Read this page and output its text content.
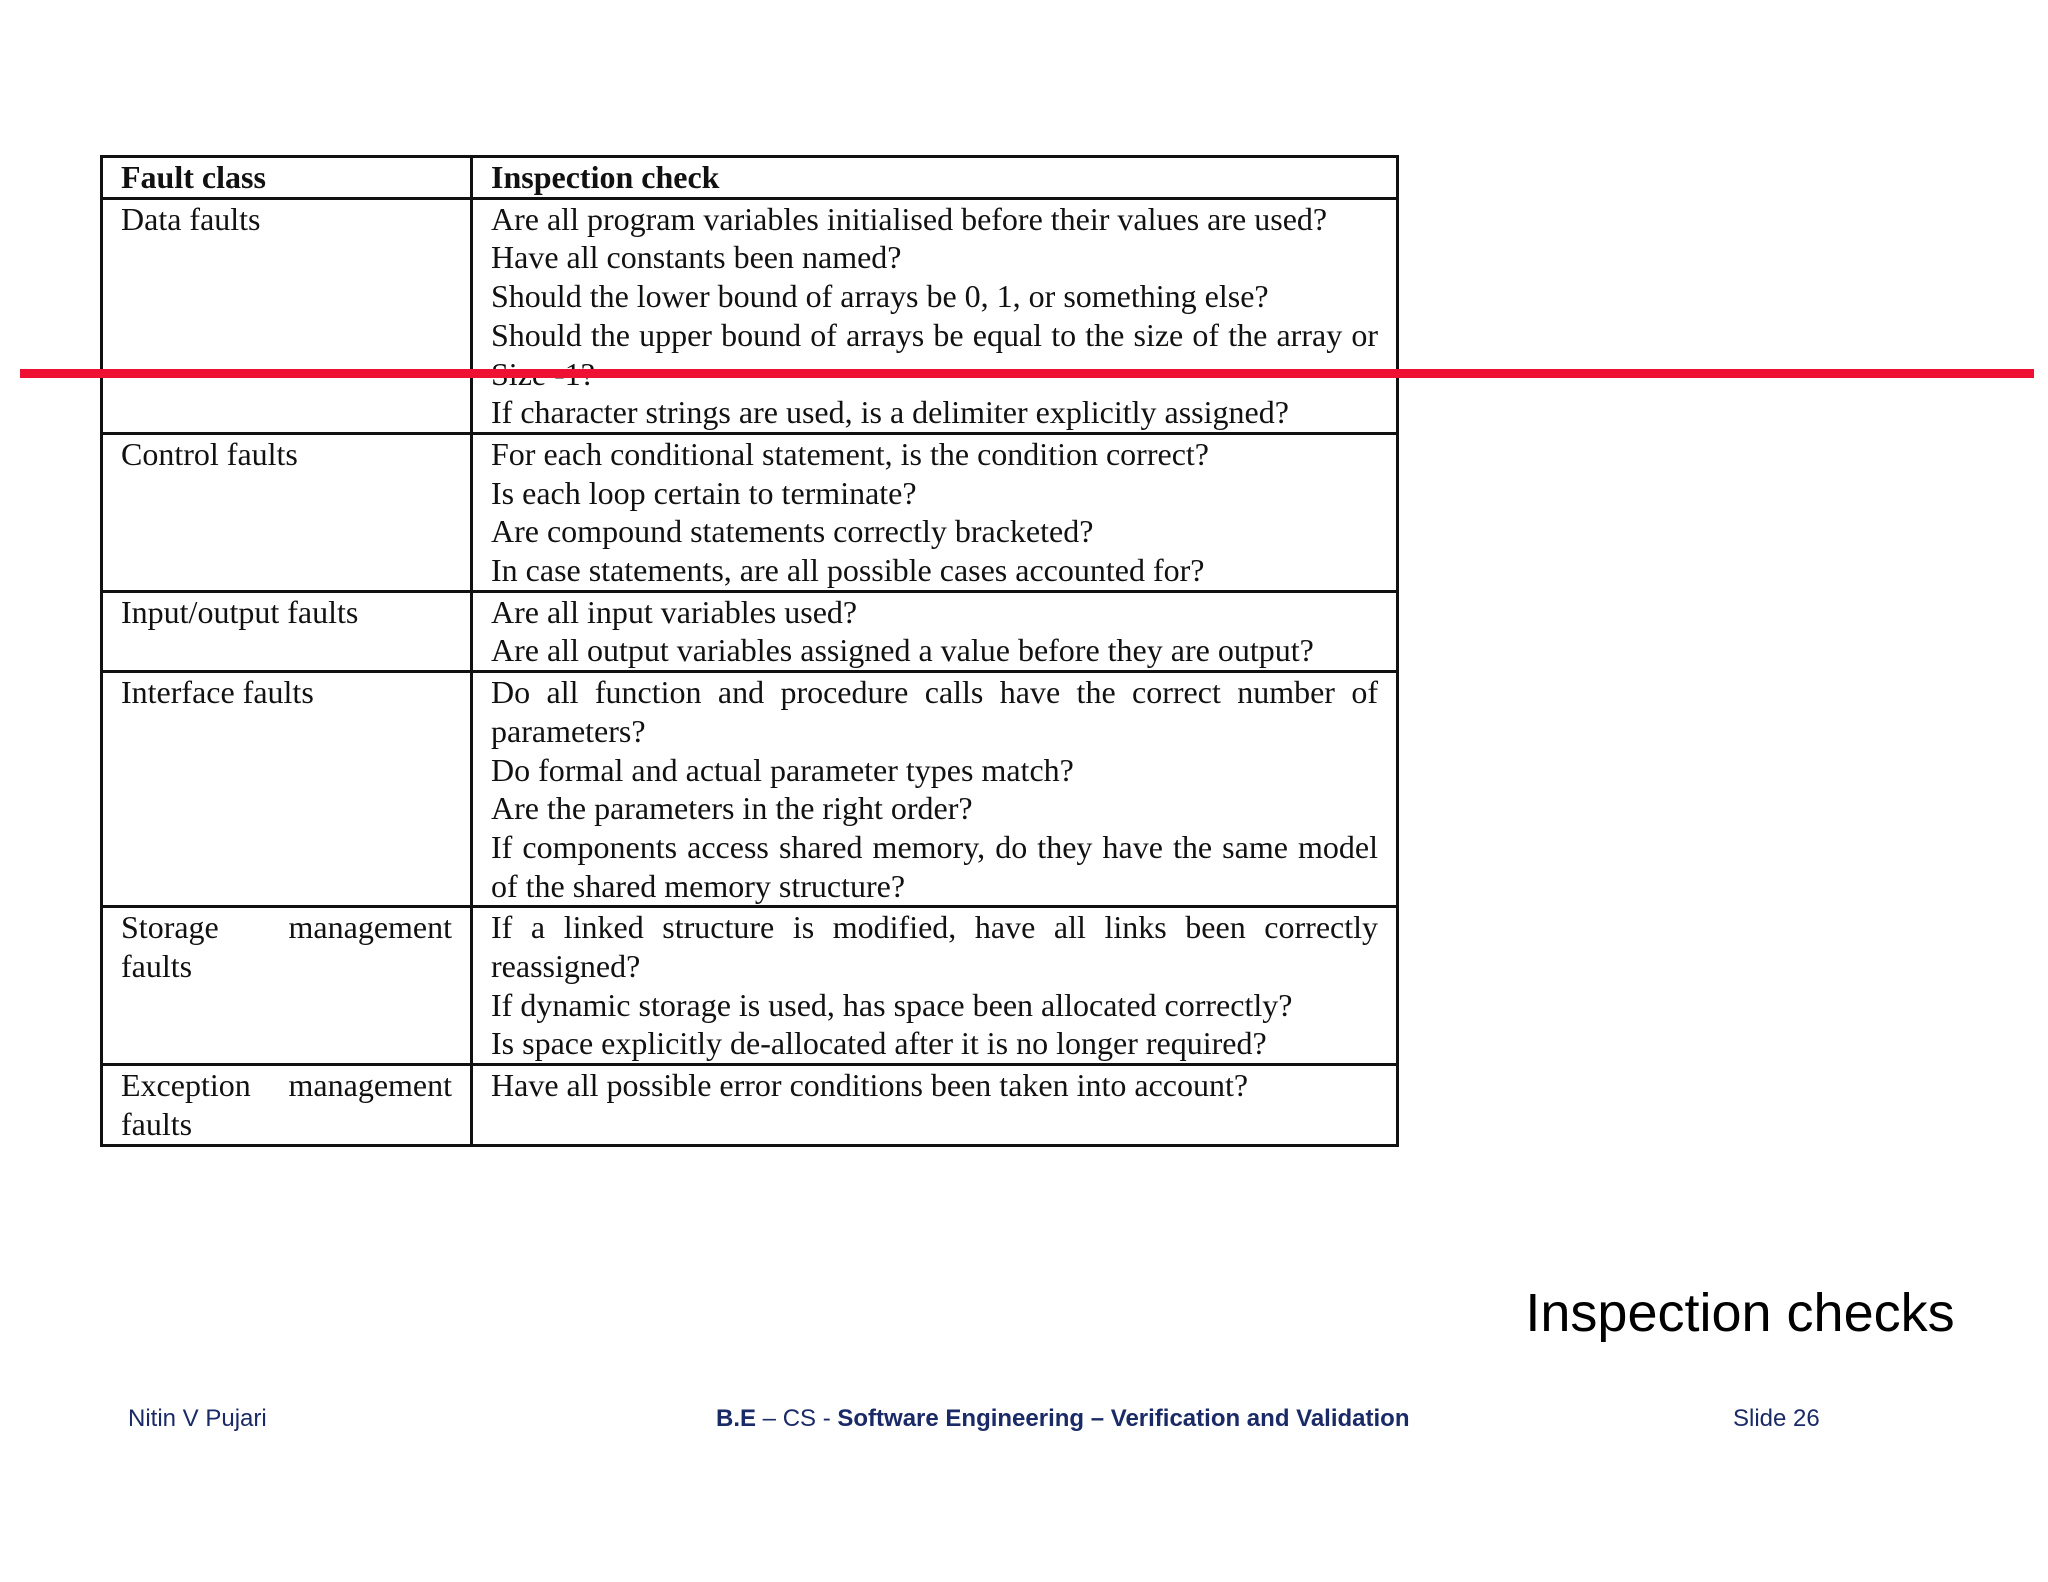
Fault class	Inspection check
Data faults	Are all program variables initialised before their values are used?
Have all constants been named?
Should the lower bound of arrays be 0, 1, or something else?
Should the upper bound of arrays be equal to the size of the array or
If character strings are used, is a delimiter explicitly assigned?

Control faults	For each conditional statement, is the condition correct?
Is each loop certain to terminate?
Are compound statements correctly bracketed?
In case statements, are all possible cases accounted for?

Input/output faults	Are all input variables used?
Are all output variables assigned a value before they are output?

Interface faults	Do all function and procedure calls have the correct number of parameters?
Do formal and actual parameter types match?
Are the parameters in the right order?
If components access shared memory, do they have the same model of the shared memory structure?

Storage management faults	If a linked structure is modified, have all links been correctly reassigned?
If dynamic storage is used, has space been allocated correctly?
Is space explicitly de-allocated after it is no longer required?

Exception management faults	Have all possible error conditions been taken into account?
Inspection checks
Nitin V Pujari	B.E – CS - Software Engineering – Verification and Validation	Slide 26
